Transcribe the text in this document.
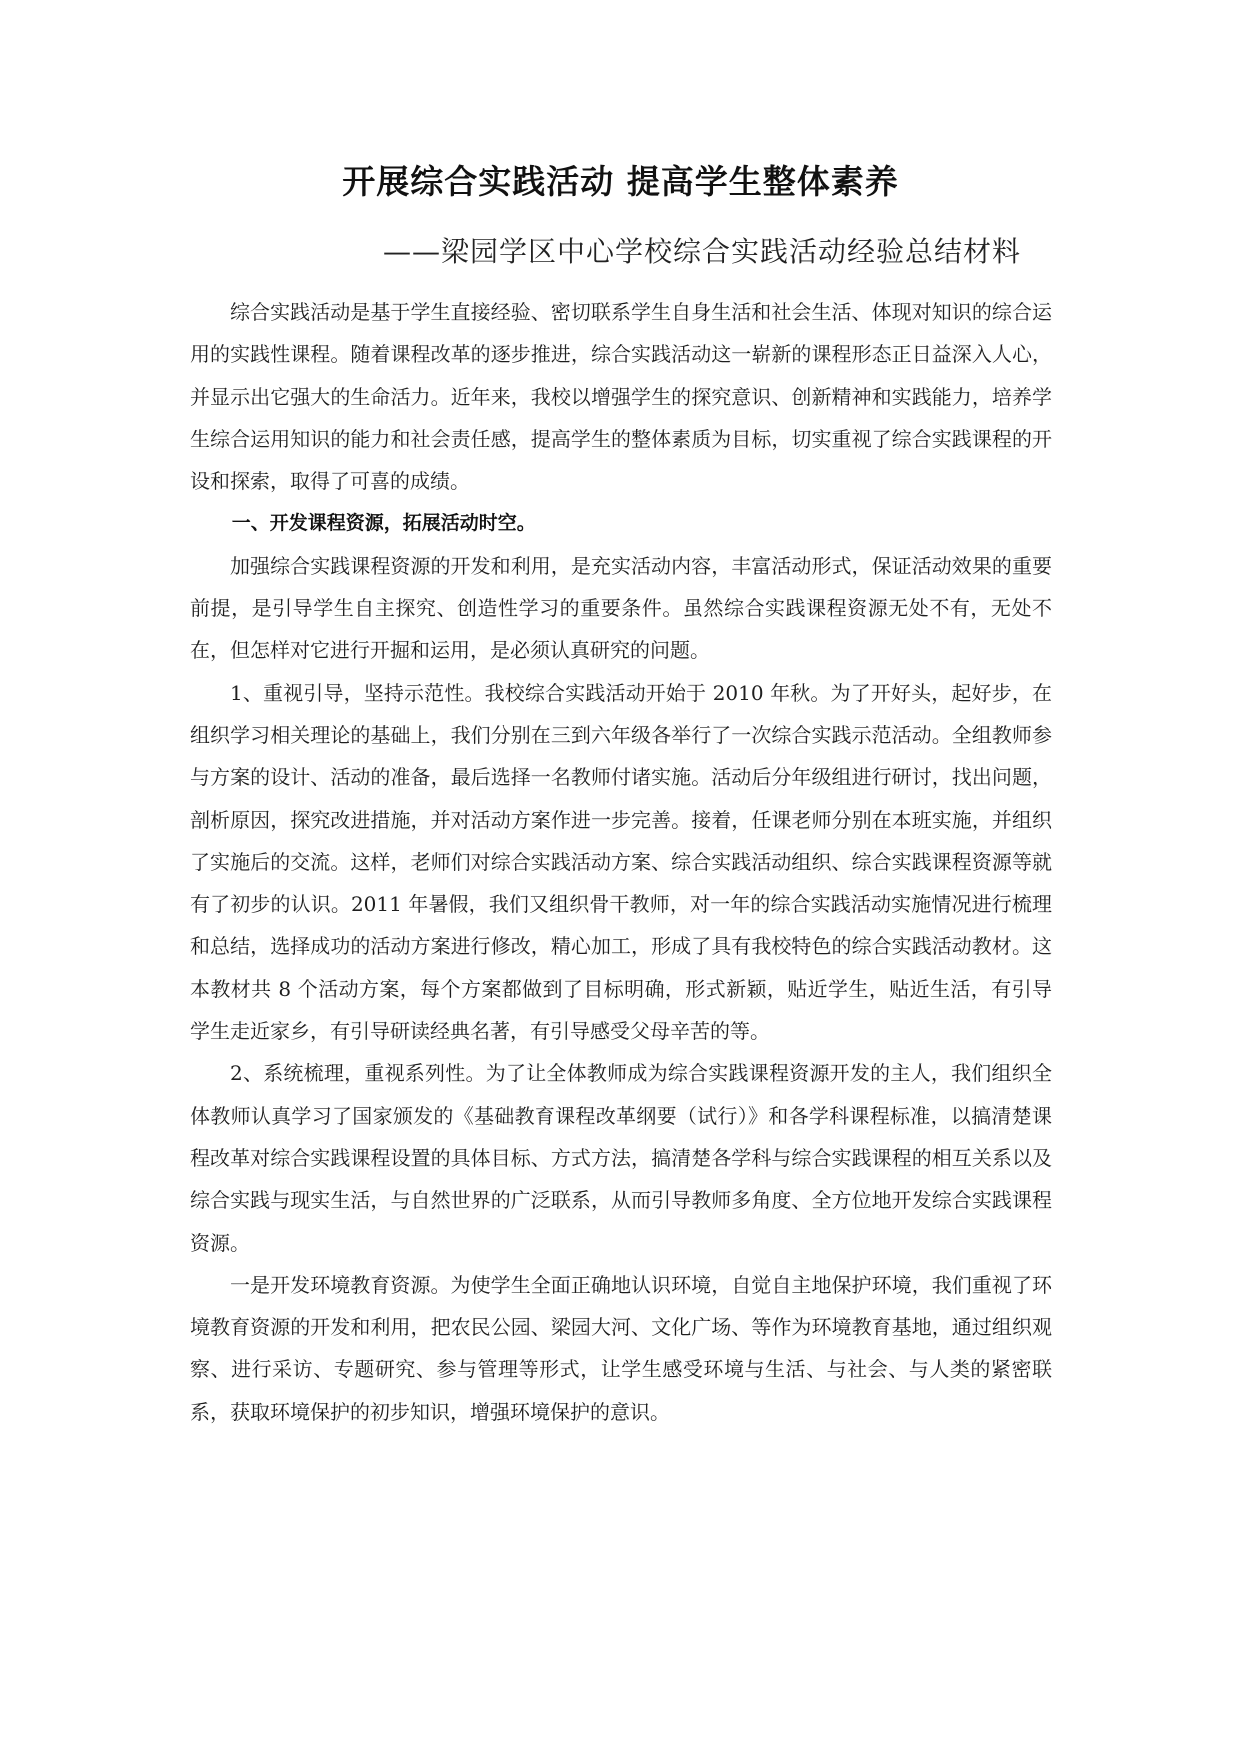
开展综合实践活动 提高学生整体素养
——梁园学区中心学校综合实践活动经验总结材料

综合实践活动是基于学生直接经验、密切联系学生自身生活和社会生活、体现对知识的综合运用的实践性课程。随着课程改革的逐步推进，综合实践活动这一崭新的课程形态正日益深入人心，并显示出它强大的生命活力。近年来，我校以增强学生的探究意识、创新精神和实践能力，培养学生综合运用知识的能力和社会责任感，提高学生的整体素质为目标，切实重视了综合实践课程的开设和探索，取得了可喜的成绩。

一、开发课程资源，拓展活动时空。

加强综合实践课程资源的开发和利用，是充实活动内容，丰富活动形式，保证活动效果的重要前提，是引导学生自主探究、创造性学习的重要条件。虽然综合实践课程资源无处不有，无处不在，但怎样对它进行开掘和运用，是必须认真研究的问题。

1、重视引导，坚持示范性。我校综合实践活动开始于 2010 年秋。为了开好头，起好步，在组织学习相关理论的基础上，我们分别在三到六年级各举行了一次综合实践示范活动。全组教师参与方案的设计、活动的准备，最后选择一名教师付诸实施。活动后分年级组进行研讨，找出问题，剖析原因，探究改进措施，并对活动方案作进一步完善。接着，任课老师分别在本班实施，并组织了实施后的交流。这样，老师们对综合实践活动方案、综合实践活动组织、综合实践课程资源等就有了初步的认识。2011 年暑假，我们又组织骨干教师，对一年的综合实践活动实施情况进行梳理和总结，选择成功的活动方案进行修改，精心加工，形成了具有我校特色的综合实践活动教材。这本教材共 8 个活动方案，每个方案都做到了目标明确，形式新颖，贴近学生，贴近生活，有引导学生走近家乡，有引导研读经典名著，有引导感受父母辛苦的等。

2、系统梳理，重视系列性。为了让全体教师成为综合实践课程资源开发的主人，我们组织全体教师认真学习了国家颁发的《基础教育课程改革纲要（试行）》和各学科课程标准，以搞清楚课程改革对综合实践课程设置的具体目标、方式方法，搞清楚各学科与综合实践课程的相互关系以及综合实践与现实生活，与自然世界的广泛联系，从而引导教师多角度、全方位地开发综合实践课程资源。

一是开发环境教育资源。为使学生全面正确地认识环境，自觉自主地保护环境，我们重视了环境教育资源的开发和利用，把农民公园、梁园大河、文化广场、等作为环境教育基地，通过组织观察、进行采访、专题研究、参与管理等形式，让学生感受环境与生活、与社会、与人类的紧密联系，获取环境保护的初步知识，增强环境保护的意识。
